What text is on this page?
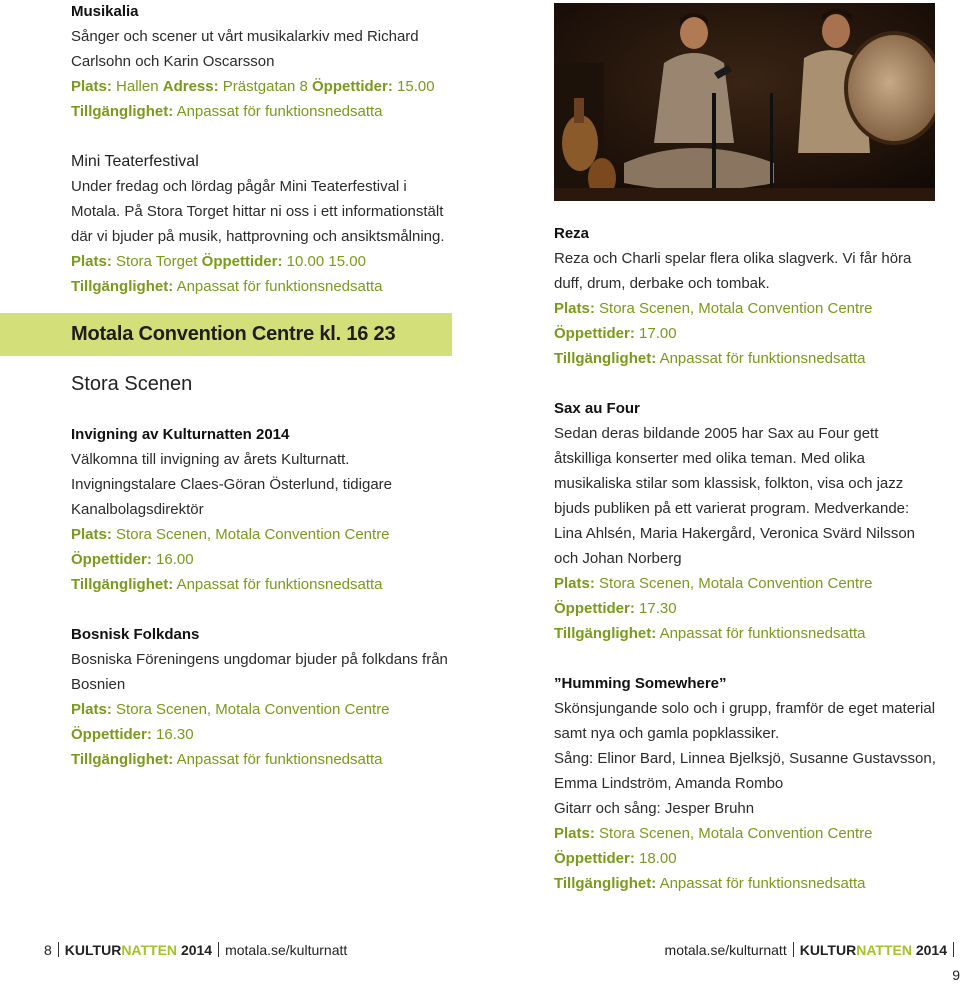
Musikalia
Sånger och scener ut vårt musikalarkiv med Richard Carlsohn och Karin Oscarsson
Plats: Hallen Adress: Prästgatan 8 Öppettider: 15.00
Tillgänglighet: Anpassat för funktionsnedsatta
Mini Teaterfestival
Under fredag och lördag pågår Mini Teaterfestival i Motala. På Stora Torget hittar ni oss i ett informationstält där vi bjuder på musik, hattprovning och ansiktsmålning.
Plats: Stora Torget Öppettider: 10.00 15.00
Tillgänglighet: Anpassat för funktionsnedsatta
Motala Convention Centre kl. 16 23
Stora Scenen
Invigning av Kulturnatten 2014
Välkomna till invigning av årets Kulturnatt. Invigningstalare Claes-Göran Österlund, tidigare Kanalbolagsdirektör
Plats: Stora Scenen, Motala Convention Centre
Öppettider: 16.00
Tillgänglighet: Anpassat för funktionsnedsatta
Bosnisk Folkdans
Bosniska Föreningens ungdomar bjuder på folkdans från Bosnien
Plats: Stora Scenen, Motala Convention Centre
Öppettider: 16.30
Tillgänglighet: Anpassat för funktionsnedsatta
Reza
Reza och Charli spelar flera olika slagverk. Vi får höra duff, drum, derbake och tombak.
Plats: Stora Scenen, Motala Convention Centre
Öppettider: 17.00
Tillgänglighet: Anpassat för funktionsnedsatta
Sax au Four
Sedan deras bildande 2005 har Sax au Four gett åtskilliga konserter med olika teman. Med olika musikaliska stilar som klassisk, folkton, visa och jazz bjuds publiken på ett varierat program. Medverkande: Lina Ahlsén, Maria Hakergård, Veronica Svärd Nilsson och Johan Norberg
Plats: Stora Scenen, Motala Convention Centre
Öppettider: 17.30
Tillgänglighet: Anpassat för funktionsnedsatta
”Humming Somewhere”
Skönsjungande solo och i grupp, framför de eget material samt nya och gamla popklassiker.
Sång: Elinor Bard, Linnea Bjelksjö, Susanne Gustavsson, Emma Lindström, Amanda Rombo
Gitarr och sång: Jesper Bruhn
Plats: Stora Scenen, Motala Convention Centre
Öppettider: 18.00
Tillgänglighet: Anpassat för funktionsnedsatta
8 KULTURNATTEN 2014 motala.se/kulturnatt	motala.se/kulturnatt KULTURNATTEN 20149
